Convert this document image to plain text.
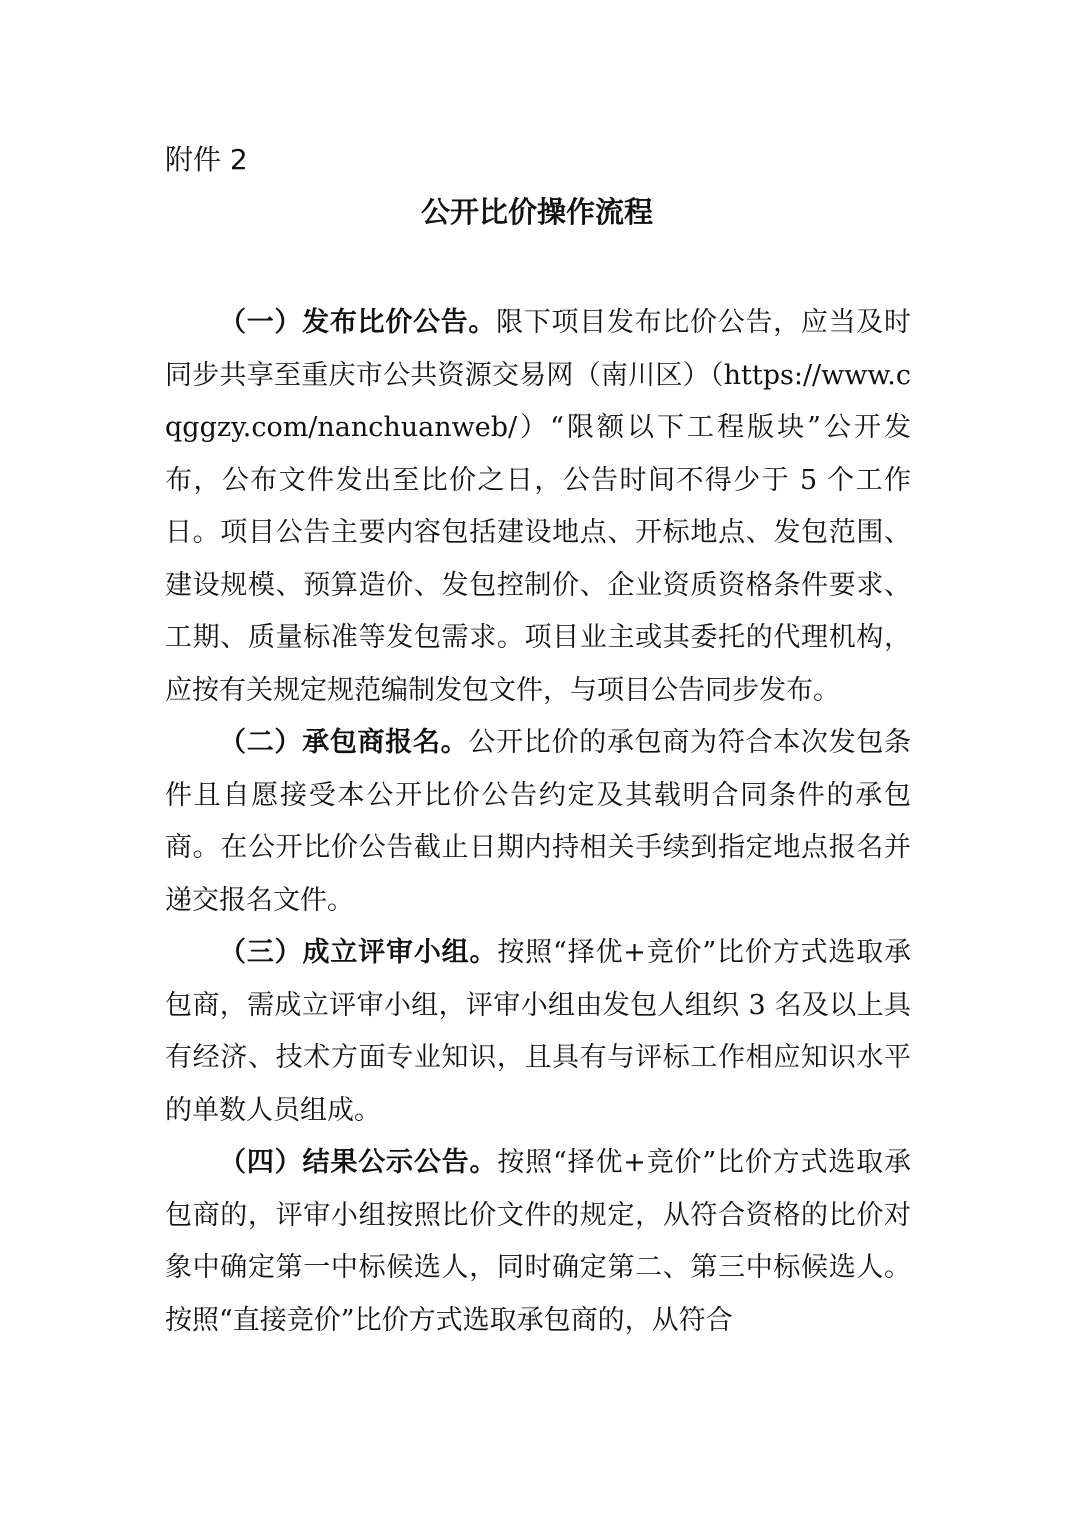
附件 2
公开比价操作流程

（一）发布比价公告。限下项目发布比价公告，应当及时同步共享至重庆市公共资源交易网（南川区）（https://www.cqggzy.com/nanchuanweb/）“限额以下工程版块”公开发布，公布文件发出至比价之日，公告时间不得少于 5 个工作日。项目公告主要内容包括建设地点、开标地点、发包范围、建设规模、预算造价、发包控制价、企业资质资格条件要求、工期、质量标准等发包需求。项目业主或其委托的代理机构，应按有关规定规范编制发包文件，与项目公告同步发布。

（二）承包商报名。公开比价的承包商为符合本次发包条件且自愿接受本公开比价公告约定及其载明合同条件的承包商。在公开比价公告截止日期内持相关手续到指定地点报名并递交报名文件。

（三）成立评审小组。按照“择优+竞价”比价方式选取承包商，需成立评审小组，评审小组由发包人组织 3 名及以上具有经济、技术方面专业知识，且具有与评标工作相应知识水平的单数人员组成。

（四）结果公示公告。按照“择优+竞价”比价方式选取承包商的，评审小组按照比价文件的规定，从符合资格的比价对象中确定第一中标候选人，同时确定第二、第三中标候选人。按照“直接竞价”比价方式选取承包商的，从符合
